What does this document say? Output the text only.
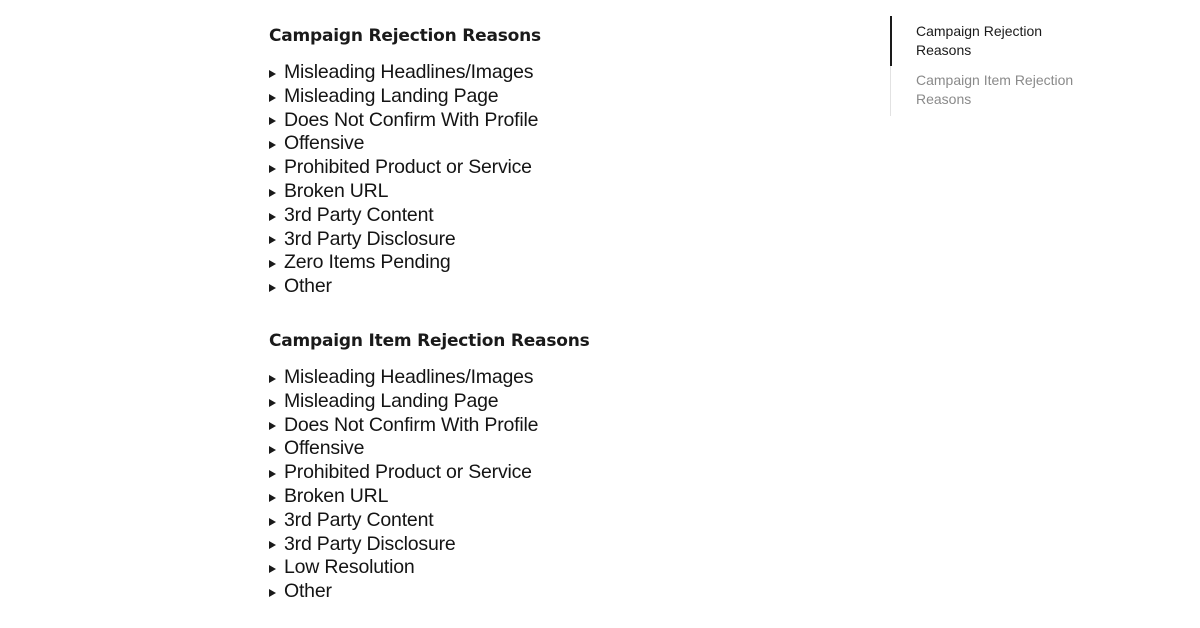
Campaign Rejection Reasons
Misleading Headlines/Images
Misleading Landing Page
Does Not Confirm With Profile
Offensive
Prohibited Product or Service
Broken URL
3rd Party Content
3rd Party Disclosure
Zero Items Pending
Other
Campaign Item Rejection Reasons
Misleading Headlines/Images
Misleading Landing Page
Does Not Confirm With Profile
Offensive
Prohibited Product or Service
Broken URL
3rd Party Content
3rd Party Disclosure
Low Resolution
Other
Campaign Rejection Reasons
Campaign Item Rejection Reasons
